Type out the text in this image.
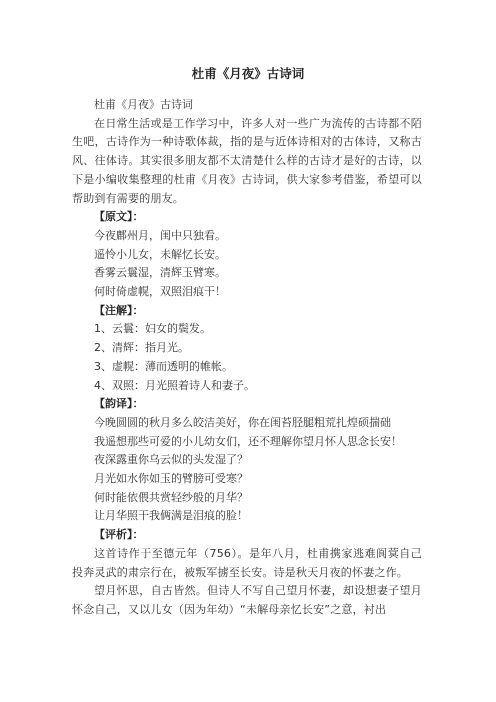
杜甫《月夜》古诗词

杜甫《月夜》古诗词

在日常生活或是工作学习中，许多人对一些广为流传的古诗都不陌生吧，古诗作为一种诗歌体裁，指的是与近体诗相对的古体诗，又称古风、往体诗。其实很多朋友都不太清楚什么样的古诗才是好的古诗，以下是小编收集整理的杜甫《月夜》古诗词，供大家参考借鉴，希望可以帮助到有需要的朋友。

【原文】：

今夜鄜州月，闺中只独看。

遥怜小儿女，未解忆长安。

香雾云鬟湿，清辉玉臂寒。

何时倚虚幌，双照泪痕干！

【注解】：

1、云鬟：妇女的鬓发。

2、清辉：指月光。

3、虚幌：薄而透明的帷帐。

4、双照：月光照着诗人和妻子。

【韵译】：

今晚圆圆的秋月多么皎洁美好，你在闺苔胫腿粗荒扎煌硕揣础

我遥想那些可爱的小儿幼女们，还不理解你望月怀人思念长安！

夜深露重你乌云似的头发湿了？

月光如水你如玉的臂膀可受寒？

何时能依偎共赏轻纱般的月华？

让月华照干我俩满是泪痕的脸！

【评析】：

这首诗作于至德元年（756）。是年八月，杜甫携家逃难阆蓂自己投奔灵武的肃宗行在，被叛军掳至长安。诗是秋天月夜的怀妻之作。

望月怀思，自古皆然。但诗人不写自己望月怀妻，却设想妻子望月怀念自己，又以儿女（因为年幼）“未解母亲忆长安”之意，衬出
